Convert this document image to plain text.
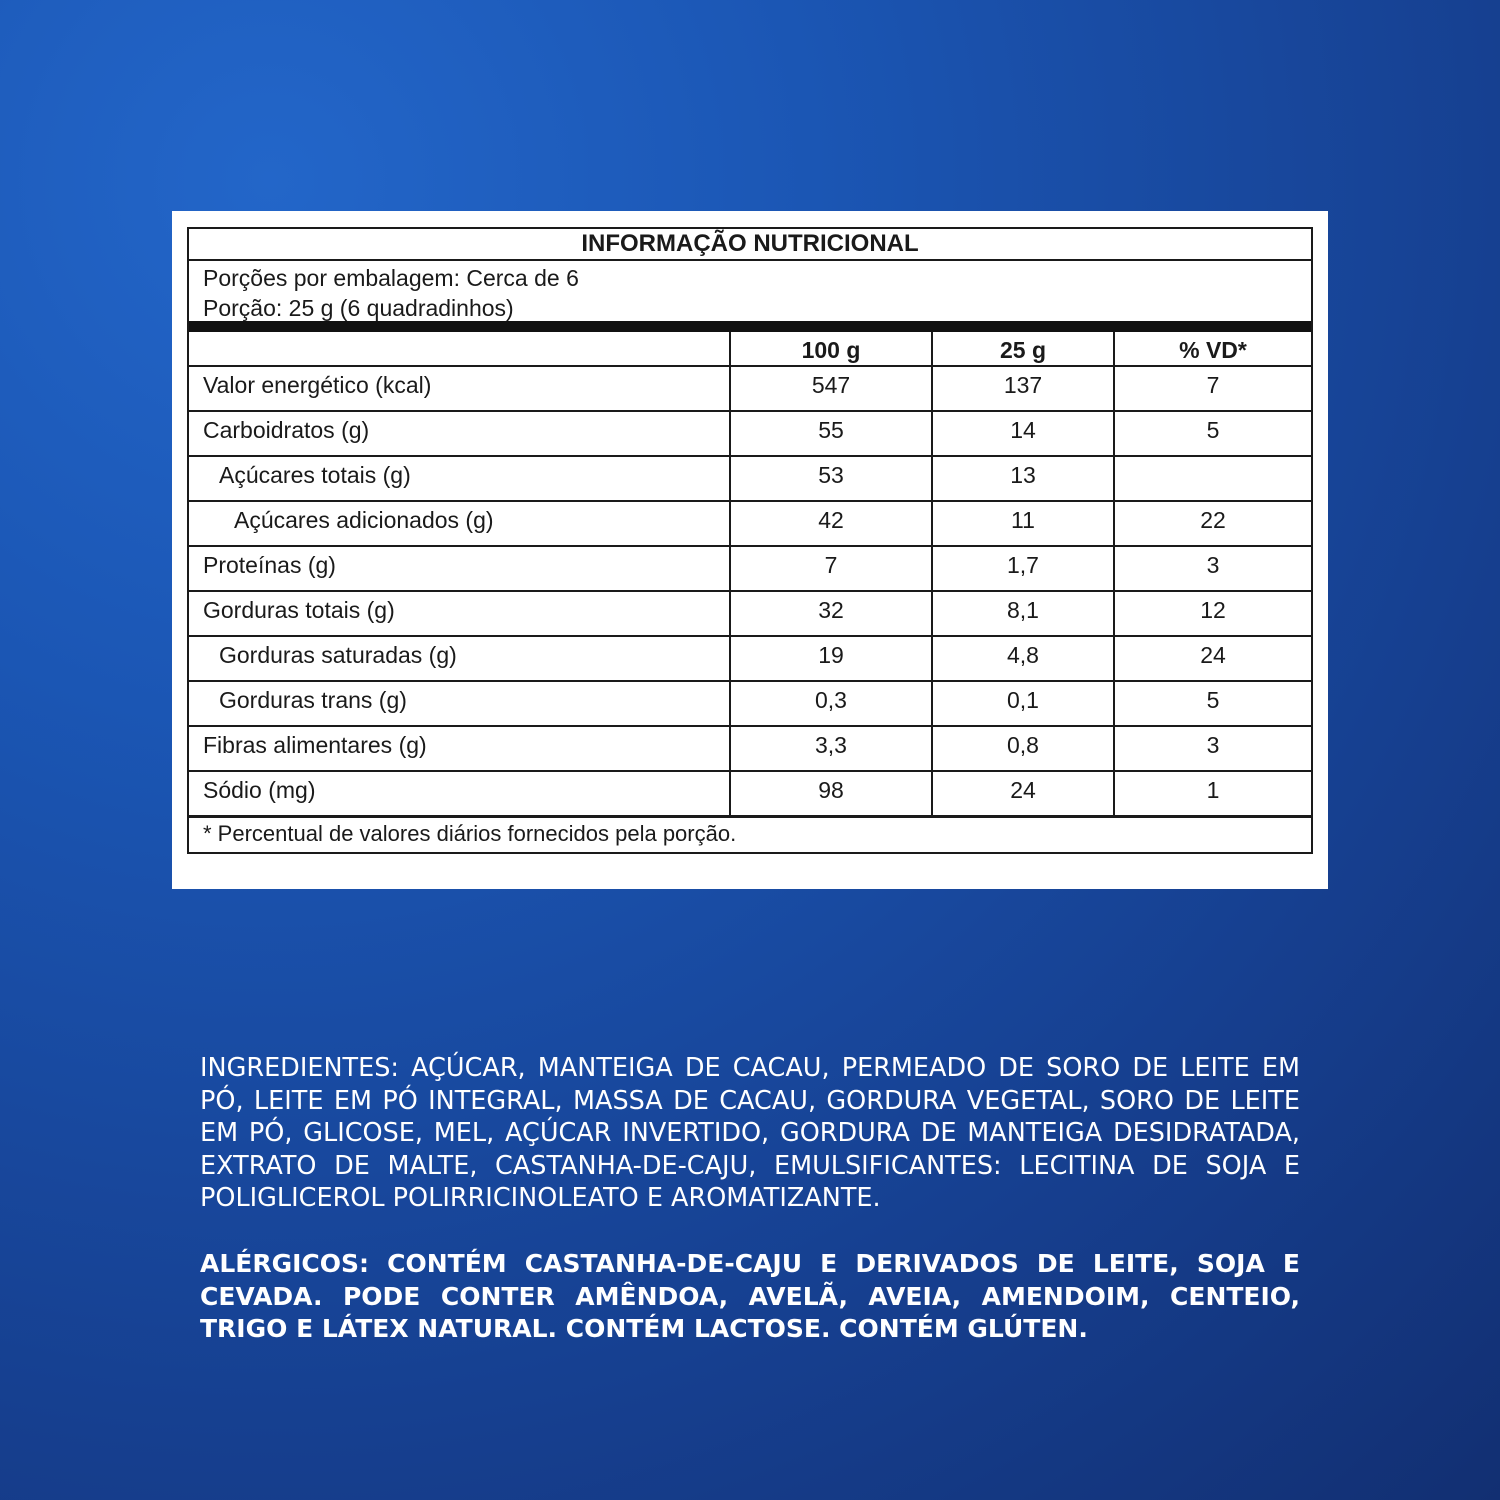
INFORMAÇÃO NUTRICIONAL
Porções por embalagem: Cerca de 6
Porção: 25 g (6 quadradinhos)
100 g	25 g	% VD*
Valor energético (kcal)	547	137	7
Carboidratos (g)	55	14	5
Açúcares totais (g)	53	13
Açúcares adicionados (g)	42	11	22
Proteínas (g)	7	1,7	3
Gorduras totais (g)	32	8,1	12
Gorduras saturadas (g)	19	4,8	24
Gorduras trans (g)	0,3	0,1	5
Fibras alimentares (g)	3,3	0,8	3
Sódio (mg)	98	24	1
* Percentual de valores diários fornecidos pela porção.
INGREDIENTES: AÇÚCAR, MANTEIGA DE CACAU, PERMEADO DE SORO DE LEITE EM PÓ, LEITE EM PÓ INTEGRAL, MASSA DE CACAU, GORDURA VEGETAL, SORO DE LEITE EM PÓ, GLICOSE, MEL, AÇÚCAR INVERTIDO, GORDURA DE MANTEIGA DESIDRATADA, EXTRATO DE MALTE, CASTANHA-DE-CAJU, EMULSIFICANTES: LECITINA DE SOJA E POLIGLICEROL POLIRRICINOLEATO E AROMATIZANTE.
ALÉRGICOS: CONTÉM CASTANHA-DE-CAJU E DERIVADOS DE LEITE, SOJA E CEVADA. PODE CONTER AMÊNDOA, AVELÃ, AVEIA, AMENDOIM, CENTEIO, TRIGO E LÁTEX NATURAL. CONTÉM LACTOSE. CONTÉM GLÚTEN.
